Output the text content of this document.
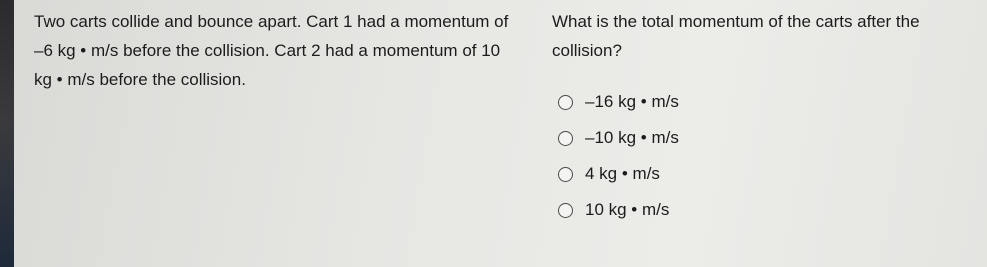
Two carts collide and bounce apart. Cart 1 had a momentum of –6 kg • m/s before the collision. Cart 2 had a momentum of 10 kg • m/s before the collision.

What is the total momentum of the carts after the collision?

–16 kg • m/s
–10 kg • m/s
4 kg • m/s
10 kg • m/s
